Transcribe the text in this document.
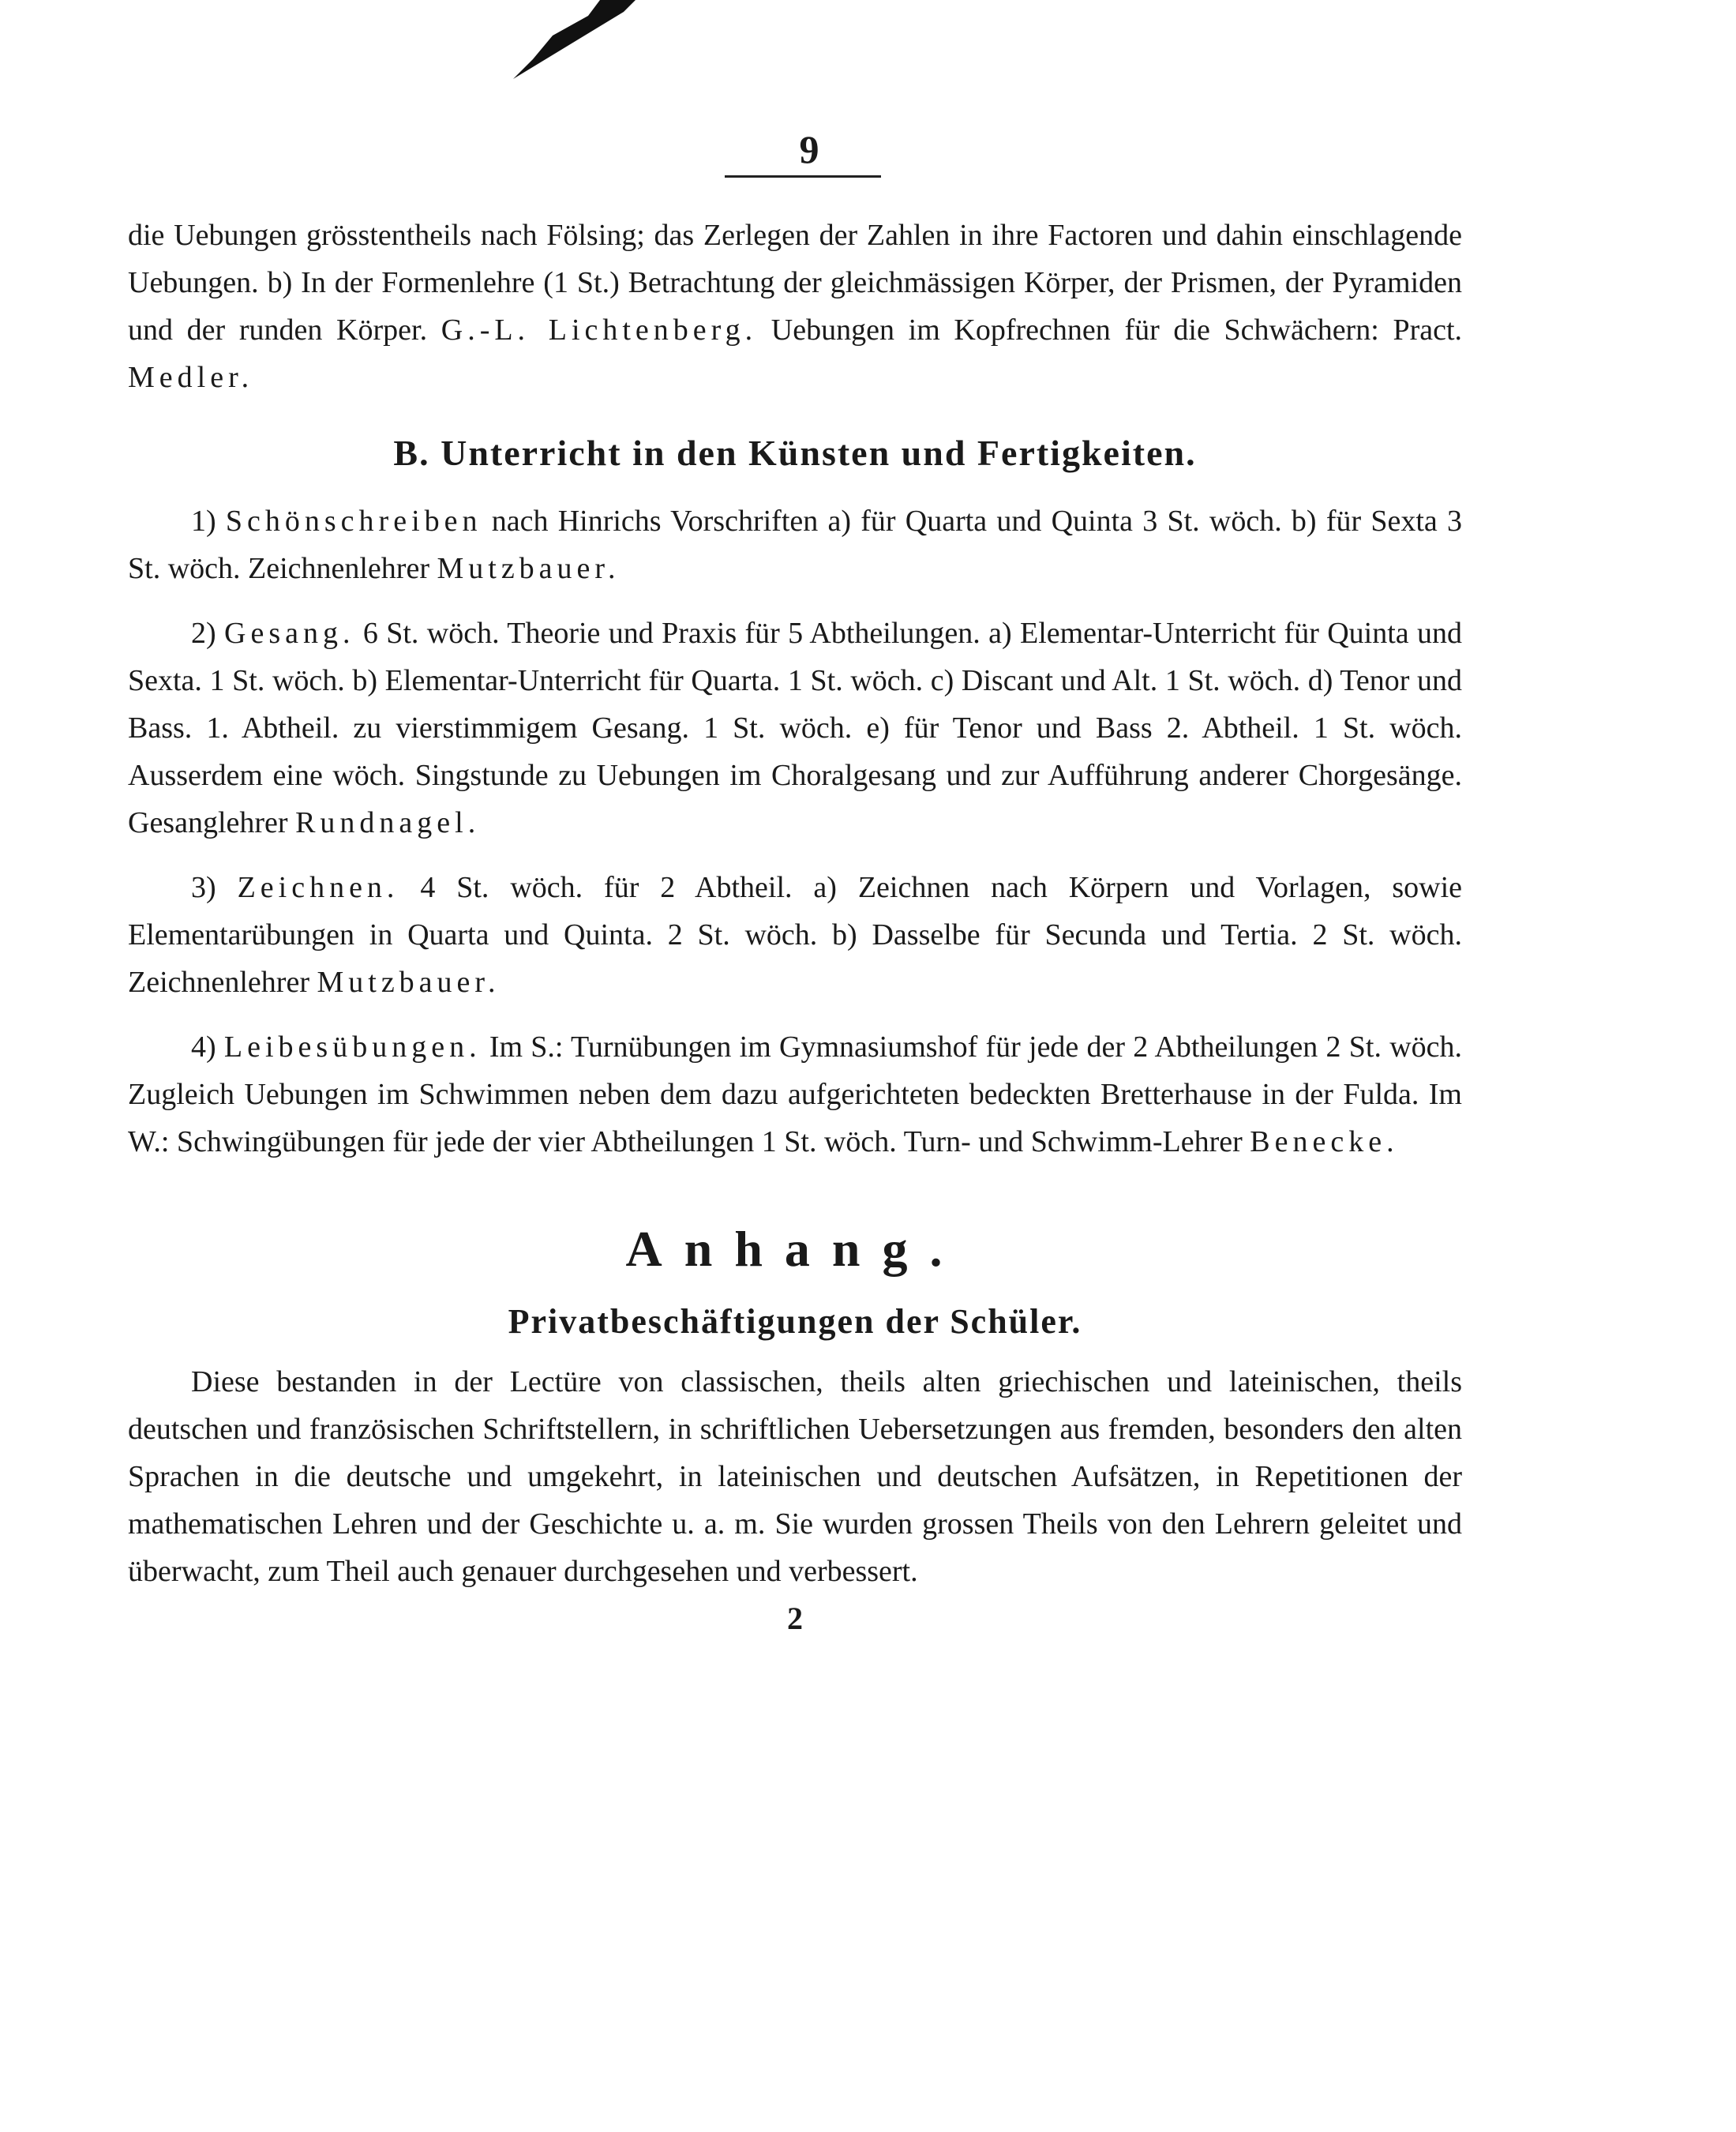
9

die Uebungen grösstentheils nach Fölsing; das Zerlegen der Zahlen in ihre Factoren und dahin einschlagende Uebungen. b) In der Formenlehre (1 St.) Betrachtung der gleichmässigen Körper, der Prismen, der Pyramiden und der runden Körper. G.-L. Lichtenberg. Uebungen im Kopfrechnen für die Schwächern: Pract. Medler.

B. Unterricht in den Künsten und Fertigkeiten.

1) Schönschreiben nach Hinrichs Vorschriften a) für Quarta und Quinta 3 St. wöch. b) für Sexta 3 St. wöch. Zeichnenlehrer Mutzbauer.

2) Gesang. 6 St. wöch. Theorie und Praxis für 5 Abtheilungen. a) Elementar-Unterricht für Quinta und Sexta. 1 St. wöch. b) Elementar-Unterricht für Quarta. 1 St. wöch. c) Discant und Alt. 1 St. wöch. d) Tenor und Bass. 1. Abtheil. zu vierstimmigem Gesang. 1 St. wöch. e) für Tenor und Bass 2. Abtheil. 1 St. wöch. Ausserdem eine wöch. Singstunde zu Uebungen im Choralgesang und zur Aufführung anderer Chorgesänge. Gesanglehrer Rundnagel.

3) Zeichnen. 4 St. wöch. für 2 Abtheil. a) Zeichnen nach Körpern und Vorlagen, sowie Elementarübungen in Quarta und Quinta. 2 St. wöch. b) Dasselbe für Secunda und Tertia. 2 St. wöch. Zeichnenlehrer Mutzbauer.

4) Leibesübungen. Im S.: Turnübungen im Gymnasiumshof für jede der 2 Abtheilungen 2 St. wöch. Zugleich Uebungen im Schwimmen neben dem dazu aufgerichteten bedeckten Bretterhause in der Fulda. Im W.: Schwingübungen für jede der vier Abtheilungen 1 St. wöch. Turn- und Schwimm-Lehrer Benecke.

Anhang.
Privatbeschäftigungen der Schüler.

Diese bestanden in der Lectüre von classischen, theils alten griechischen und lateinischen, theils deutschen und französischen Schriftstellern, in schriftlichen Uebersetzungen aus fremden, besonders den alten Sprachen in die deutsche und umgekehrt, in lateinischen und deutschen Aufsätzen, in Repetitionen der mathematischen Lehren und der Geschichte u. a. m. Sie wurden grossen Theils von den Lehrern geleitet und überwacht, zum Theil auch genauer durchgesehen und verbessert.

2
